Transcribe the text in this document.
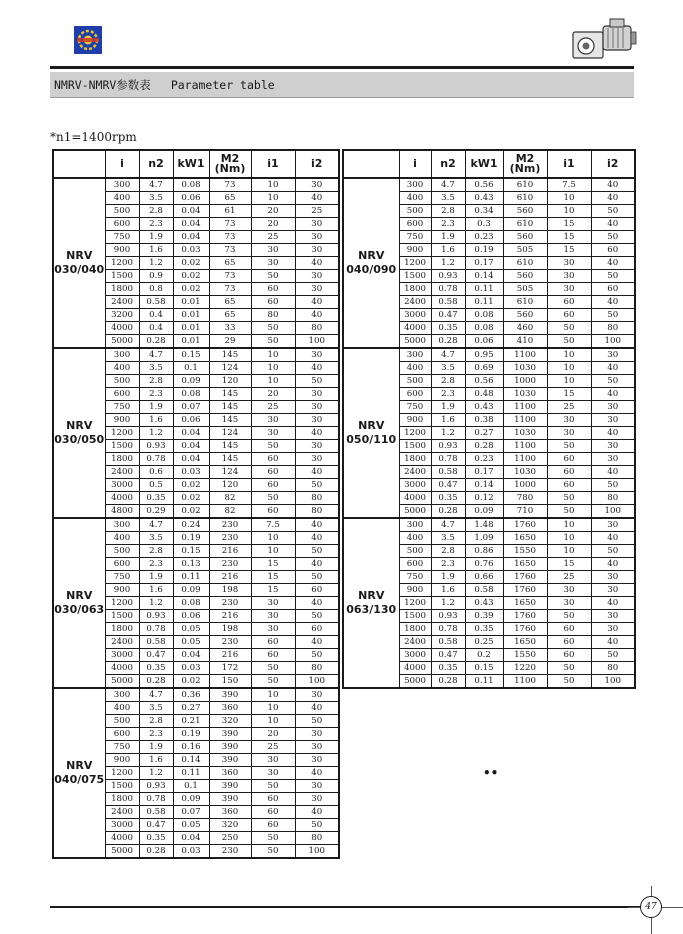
NMRV-NMRV参数表 Parameter table
*n1=1400rpm
	i	n2	kW1	M2 (Nm)	i1	i2
NRV 030/040	300	4.7	0.08	73	10	30
	400	3.5	0.06	65	10	40
	500	2.8	0.04	61	20	25
	600	2.3	0.04	73	20	30
	750	1.9	0.04	73	25	30
	900	1.6	0.03	73	30	30
	1200	1.2	0.02	65	30	40
	1500	0.9	0.02	73	50	30
	1800	0.8	0.02	73	60	30
	2400	0.58	0.01	65	60	40
	3200	0.4	0.01	65	80	40
	4000	0.4	0.01	33	50	80
	5000	0.28	0.01	29	50	100
NRV 030/050	300	4.7	0.15	145	10	30
	400	3.5	0.1	124	10	40
	500	2.8	0.09	120	10	50
	600	2.3	0.08	145	20	30
	750	1.9	0.07	145	25	30
	900	1.6	0.06	145	30	30
	1200	1.2	0.04	124	30	40
	1500	0.93	0.04	145	50	30
	1800	0.78	0.04	145	60	30
	2400	0.6	0.03	124	60	40
	3000	0.5	0.02	120	60	50
	4000	0.35	0.02	82	50	80
	4800	0.29	0.02	82	60	80
NRV 030/063	300	4.7	0.24	230	7.5	40
	400	3.5	0.19	230	10	40
	500	2.8	0.15	216	10	50
	600	2.3	0.13	230	15	40
	750	1.9	0.11	216	15	50
	900	1.6	0.09	198	15	60
	1200	1.2	0.08	230	30	40
	1500	0.93	0.06	216	30	50
	1800	0.78	0.05	198	30	60
	2400	0.58	0.05	230	60	40
	3000	0.47	0.04	216	60	50
	4000	0.35	0.03	172	50	80
	5000	0.28	0.02	150	50	100
NRV 040/075	300	4.7	0.36	390	10	30
	400	3.5	0.27	360	10	40
	500	2.8	0.21	320	10	50
	600	2.3	0.19	390	20	30
	750	1.9	0.16	390	25	30
	900	1.6	0.14	390	30	30
	1200	1.2	0.11	360	30	40
	1500	0.93	0.1	390	50	30
	1800	0.78	0.09	390	60	30
	2400	0.58	0.07	360	60	40
	3000	0.47	0.05	320	60	50
	4000	0.35	0.04	250	50	80
	5000	0.28	0.03	230	50	100
	i	n2	kW1	M2 (Nm)	i1	i2
NRV 040/090	300	4.7	0.56	610	7.5	40
	400	3.5	0.43	610	10	40
	500	2.8	0.34	560	10	50
	600	2.3	0.3	610	15	40
	750	1.9	0.23	560	15	50
	900	1.6	0.19	505	15	60
	1200	1.2	0.17	610	30	40
	1500	0.93	0.14	560	30	50
	1800	0.78	0.11	505	30	60
	2400	0.58	0.11	610	60	40
	3000	0.47	0.08	560	60	50
	4000	0.35	0.08	460	50	80
	5000	0.28	0.06	410	50	100
NRV 050/110	300	4.7	0.95	1100	10	30
	400	3.5	0.69	1030	10	40
	500	2.8	0.56	1000	10	50
	600	2.3	0.48	1030	15	40
	750	1.9	0.43	1100	25	30
	900	1.6	0.38	1100	30	30
	1200	1.2	0.27	1030	30	40
	1500	0.93	0.28	1100	50	30
	1800	0.78	0.23	1100	60	30
	2400	0.58	0.17	1030	60	40
	3000	0.47	0.14	1000	60	50
	4000	0.35	0.12	780	50	80
	5000	0.28	0.09	710	50	100
NRV 063/130	300	4.7	1.48	1760	10	30
	400	3.5	1.09	1650	10	40
	500	2.8	0.86	1550	10	50
	600	2.3	0.76	1650	15	40
	750	1.9	0.66	1760	25	30
	900	1.6	0.58	1760	30	30
	1200	1.2	0.43	1650	30	40
	1500	0.93	0.39	1760	50	30
	1800	0.78	0.35	1760	60	30
	2400	0.58	0.25	1650	60	40
	3000	0.47	0.2	1550	60	50
	4000	0.35	0.15	1220	50	80
	5000	0.28	0.11	1100	50	100
••
47
